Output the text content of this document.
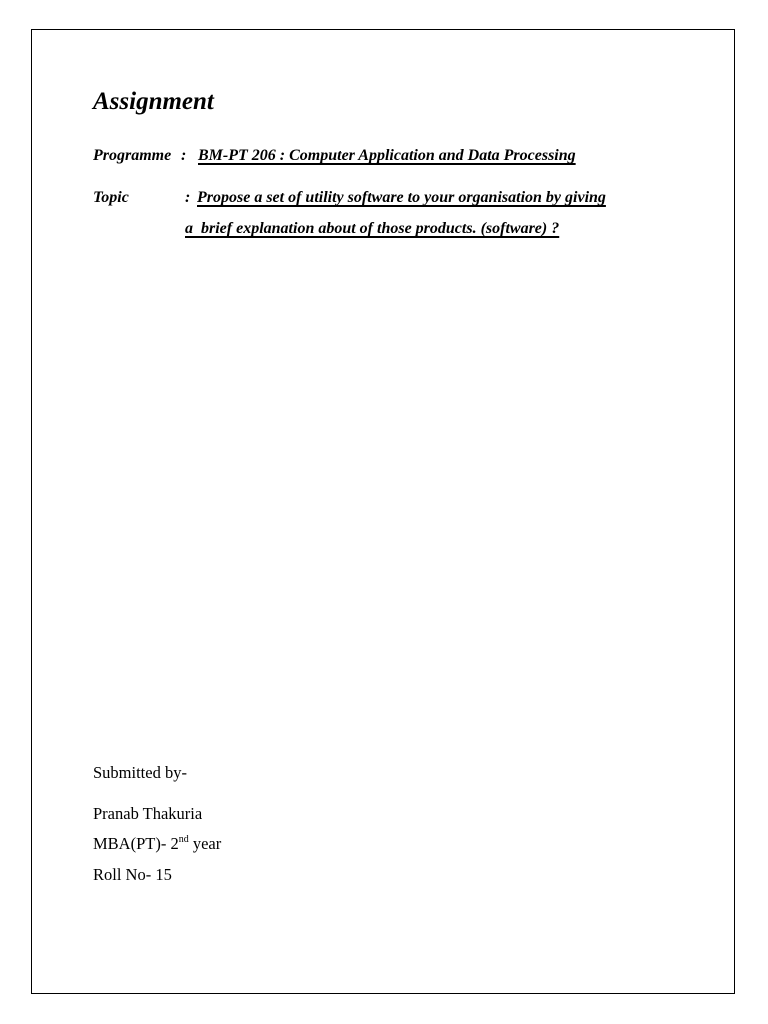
Assignment
Programme : BM-PT 206 : Computer Application and Data Processing
Topic	: Propose a set of utility software to your organisation by giving
a  brief explanation about of those products. (software) ?
Submitted by-
Pranab Thakuria
MBA(PT)- 2nd year
Roll No- 15
